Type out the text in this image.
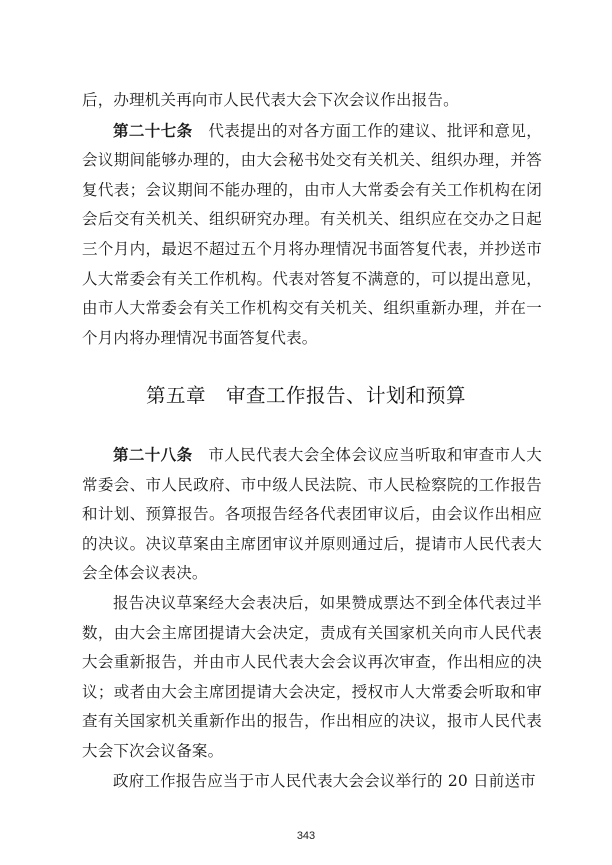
后，办理机关再向市人民代表大会下次会议作出报告。

第二十七条　 代表提出的对各方面工作的建议、批评和意见，会议期间能够办理的，由大会秘书处交有关机关、组织办理，并答复代表；会议期间不能办理的，由市人大常委会有关工作机构在闭会后交有关机关、组织研究办理。有关机关、组织应在交办之日起三个月内，最迟不超过五个月将办理情况书面答复代表，并抄送市人大常委会有关工作机构。代表对答复不满意的，可以提出意见，由市人大常委会有关工作机构交有关机关、组织重新办理，并在一个月内将办理情况书面答复代表。

第五章　 审查工作报告、计划和预算

第二十八条　 市人民代表大会全体会议应当听取和审查市人大常委会、市人民政府、市中级人民法院、市人民检察院的工作报告和计划、预算报告。各项报告经各代表团审议后，由会议作出相应的决议。决议草案由主席团审议并原则通过后，提请市人民代表大会全体会议表决。

报告决议草案经大会表决后，如果赞成票达不到全体代表过半数，由大会主席团提请大会决定，责成有关国家机关向市人民代表大会重新报告，并由市人民代表大会会议再次审查，作出相应的决议；或者由大会主席团提请大会决定，授权市人大常委会听取和审查有关国家机关重新作出的报告，作出相应的决议，报市人民代表大会下次会议备案。

政府工作报告应当于市人民代表大会会议举行的 20 日前送市

343
